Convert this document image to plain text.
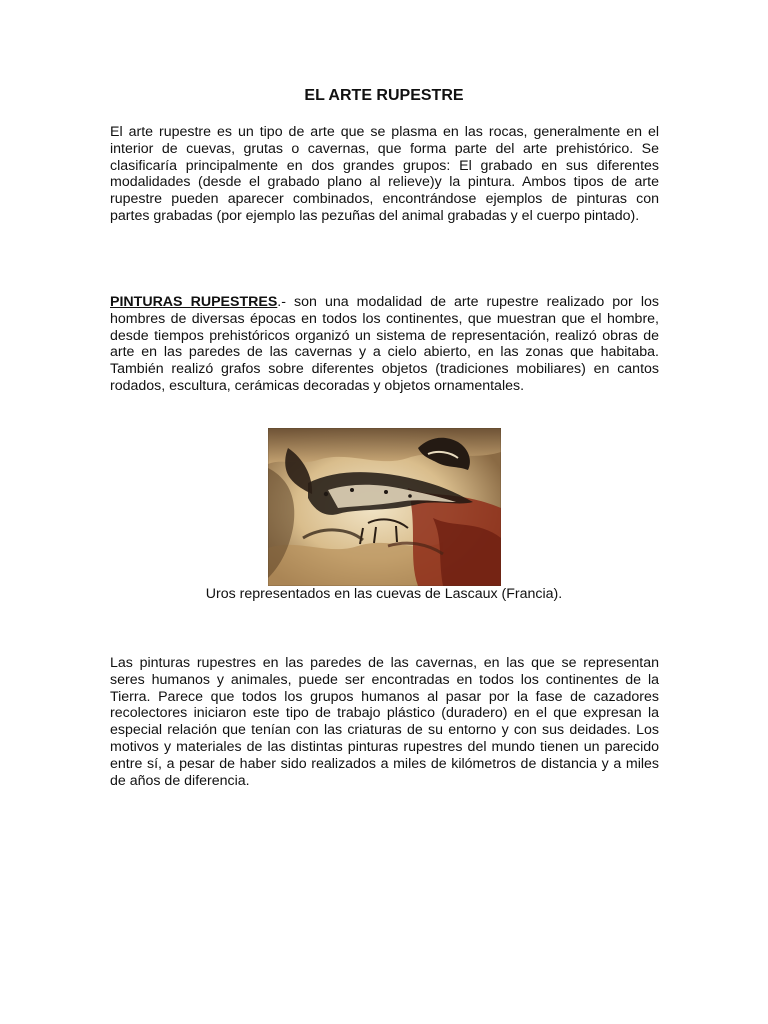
EL ARTE RUPESTRE

El arte rupestre es un tipo de arte que se plasma en las rocas, generalmente en el interior de cuevas, grutas o cavernas, que forma parte del arte prehistórico. Se clasificaría principalmente en dos grandes grupos: El grabado en sus diferentes modalidades (desde el grabado plano al relieve)y la pintura. Ambos tipos de arte rupestre pueden aparecer combinados, encontrándose ejemplos de pinturas con partes grabadas (por ejemplo las pezuñas del animal grabadas y el cuerpo pintado).

PINTURAS RUPESTRES.- son una modalidad de arte rupestre realizado por los hombres de diversas épocas en todos los continentes, que muestran que el hombre, desde tiempos prehistóricos organizó un sistema de representación, realizó obras de arte en las paredes de las cavernas y a cielo abierto, en las zonas que habitaba. También realizó grafos sobre diferentes objetos (tradiciones mobiliares) en cantos rodados, escultura, cerámicas decoradas y objetos ornamentales.

Uros representados en las cuevas de Lascaux (Francia).

Las pinturas rupestres en las paredes de las cavernas, en las que se representan seres humanos y animales, puede ser encontradas en todos los continentes de la Tierra. Parece que todos los grupos humanos al pasar por la fase de cazadores recolectores iniciaron este tipo de trabajo plástico (duradero) en el que expresan la especial relación que tenían con las criaturas de su entorno y con sus deidades. Los motivos y materiales de las distintas pinturas rupestres del mundo tienen un parecido entre sí, a pesar de haber sido realizados a miles de kilómetros de distancia y a miles de años de diferencia.
